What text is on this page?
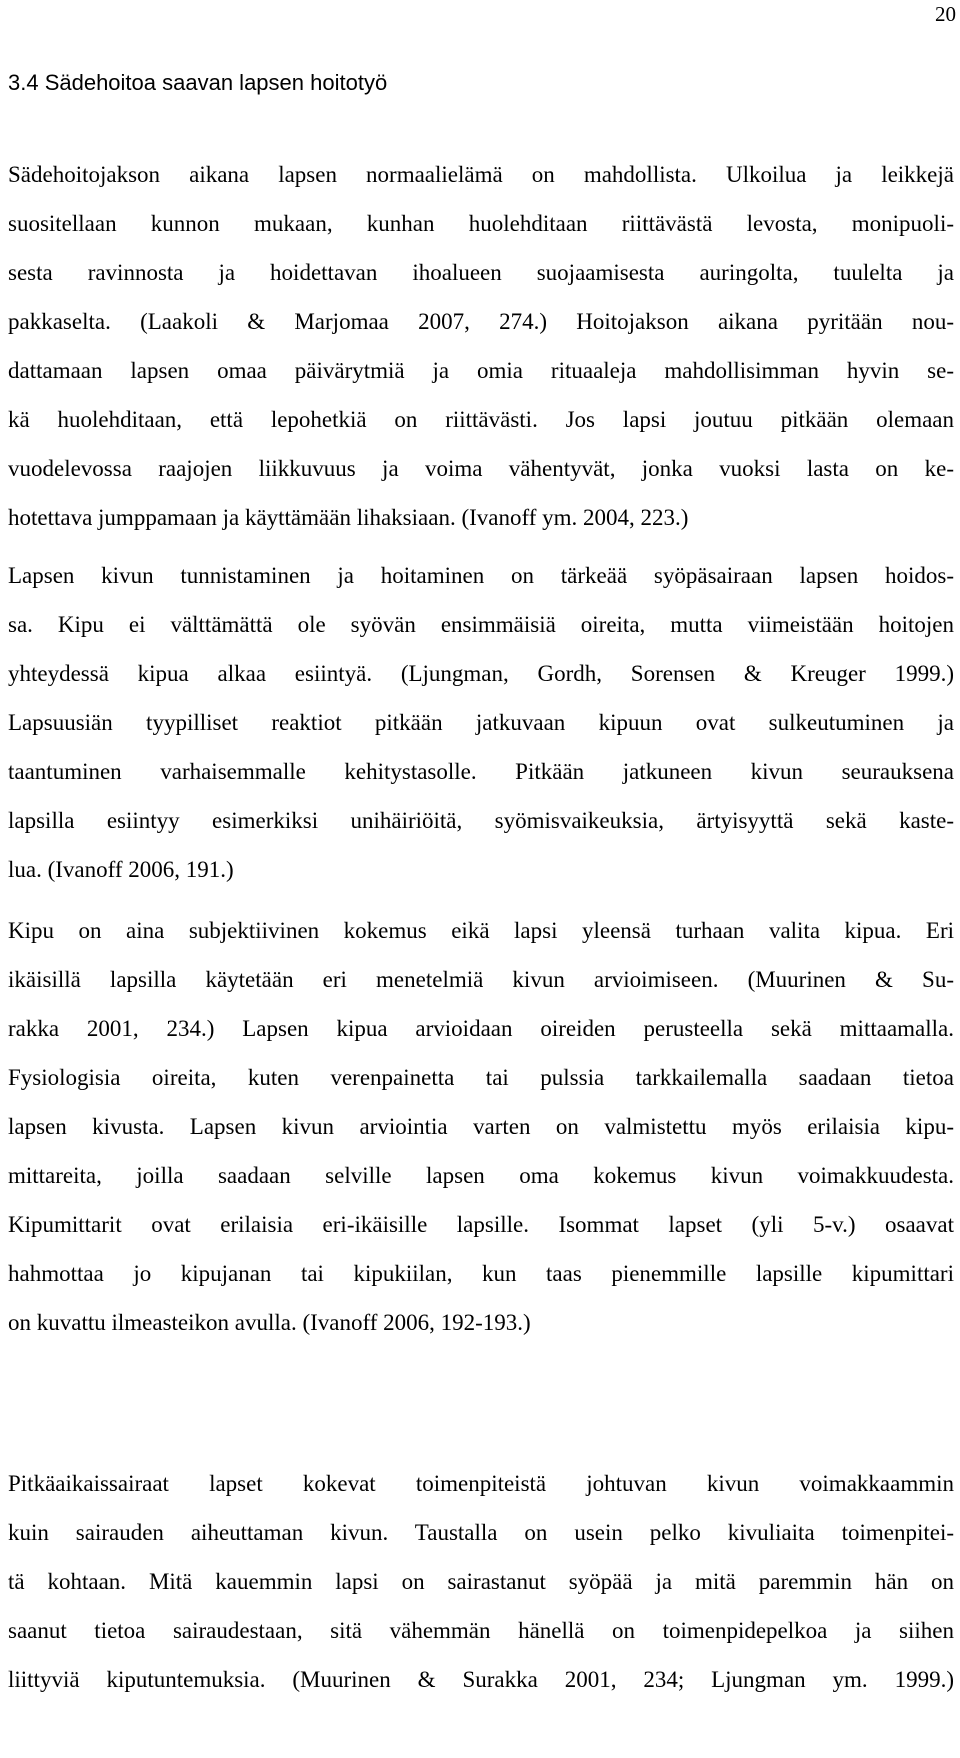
20
3.4 Sädehoitoa saavan lapsen hoitotyö
Sädehoitojakson aikana lapsen normaalielämä on mahdollista. Ulkoilua ja leikkejä
suositellaan kunnon mukaan, kunhan huolehditaan riittävästä levosta, monipuoli-
sesta ravinnosta ja hoidettavan ihoalueen suojaamisesta auringolta, tuulelta ja
pakkaselta. (Laakoli & Marjomaa 2007, 274.) Hoitojakson aikana pyritään nou-
dattamaan lapsen omaa päivärytmiä ja omia rituaaleja mahdollisimman hyvin se-
kä huolehditaan, että lepohetkiä on riittävästi. Jos lapsi joutuu pitkään olemaan
vuodelevossa raajojen liikkuvuus ja voima vähentyvät, jonka vuoksi lasta on ke-
hotettava jumppamaan ja käyttämään lihaksiaan. (Ivanoff ym. 2004, 223.)
Lapsen kivun tunnistaminen ja hoitaminen on tärkeää syöpäsairaan lapsen hoidos-
sa. Kipu ei välttämättä ole syövän ensimmäisiä oireita, mutta viimeistään hoitojen
yhteydessä kipua alkaa esiintyä. (Ljungman, Gordh, Sorensen & Kreuger 1999.)
Lapsuusiän tyypilliset reaktiot pitkään jatkuvaan kipuun ovat sulkeutuminen ja
taantuminen varhaisemmalle kehitystasolle. Pitkään jatkuneen kivun seurauksena
lapsilla esiintyy esimerkiksi unihäiriöitä, syömisvaikeuksia, ärtyisyyttä sekä kaste-
lua. (Ivanoff 2006, 191.)
Kipu on aina subjektiivinen kokemus eikä lapsi yleensä turhaan valita kipua. Eri
ikäisillä lapsilla käytetään eri menetelmiä kivun arvioimiseen. (Muurinen & Su-
rakka 2001, 234.) Lapsen kipua arvioidaan oireiden perusteella sekä mittaamalla.
Fysiologisia oireita, kuten verenpainetta tai pulssia tarkkailemalla saadaan tietoa
lapsen kivusta. Lapsen kivun arviointia varten on valmistettu myös erilaisia kipu-
mittareita, joilla saadaan selville lapsen oma kokemus kivun voimakkuudesta.
Kipumittarit ovat erilaisia eri-ikäisille lapsille. Isommat lapset (yli 5-v.) osaavat
hahmottaa jo kipujanan tai kipukiilan, kun taas pienemmille lapsille kipumittari
on kuvattu ilmeasteikon avulla. (Ivanoff 2006, 192-193.)
Pitkäaikaissairaat lapset kokevat toimenpiteistä johtuvan kivun voimakkaammin
kuin sairauden aiheuttaman kivun. Taustalla on usein pelko kivuliaita toimenpitei-
tä kohtaan. Mitä kauemmin lapsi on sairastanut syöpää ja mitä paremmin hän on
saanut tietoa sairaudestaan, sitä vähemmän hänellä on toimenpidepelkoa ja siihen
liittyviä kiputuntemuksia. (Muurinen & Surakka 2001, 234; Ljungman ym. 1999.)
